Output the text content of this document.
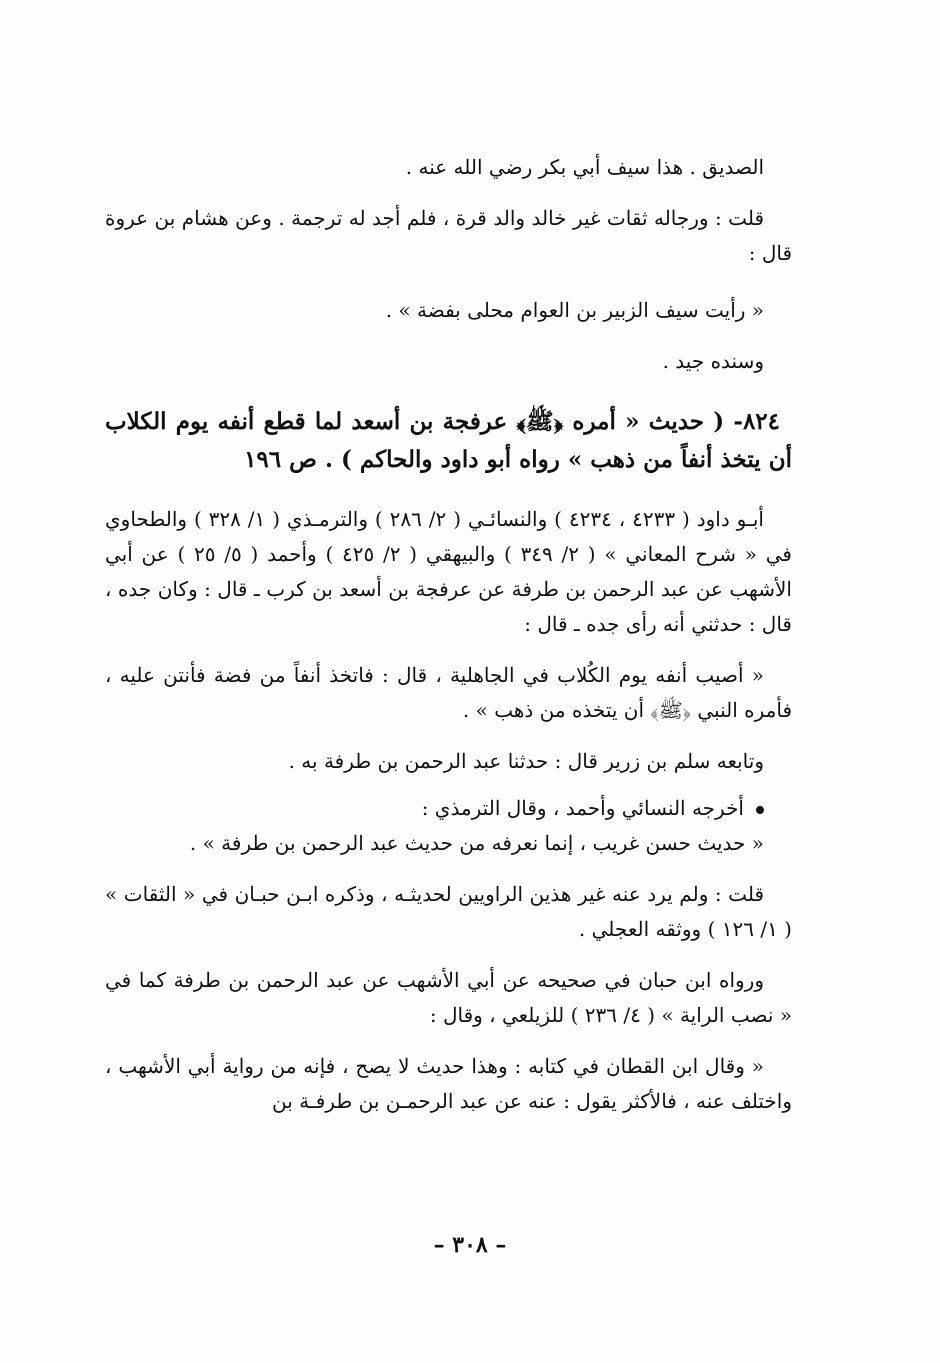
الصديق . هذا سيف أبي بكر رضي الله عنه .

قلت : ورجاله ثقات غير خالد والد قرة ، فلم أجد له ترجمة . وعن هشام بن عروة قال :

« رأيت سيف الزبير بن العوام محلى بفضة » .

وسنده جيد .

٨٢٤- ( حديث « أمره ﴿ﷺ﴾ عرفجة بن أسعد لما قطع أنفه يوم الكلاب أن يتخذ أنفاً من ذهب » رواه أبو داود والحاكم ) . ص ١٩٦

أبـو داود ( ٤٢٣٣ ، ٤٢٣٤ ) والنسائـي ( ٢/ ٢٨٦ ) والترمـذي ( ١/ ٣٢٨ ) والطحاوي في « شرح المعاني » ( ٢/ ٣٤٩ ) والبيهقي ( ٢/ ٤٢٥ ) وأحمد ( ٥/ ٢٥ ) عن أبي الأشهب عن عبد الرحمن بن طرفة عن عرفجة بن أسعد بن كرب ـ قال : وكان جده ، قال : حدثني أنه رأى جده ـ قال :

« أصيب أنفه يوم الكُلاب في الجاهلية ، قال : فاتخذ أنفاً من فضة فأنتن عليه ، فأمره النبي ﴿ﷺ﴾ أن يتخذه من ذهب » .

وتابعه سلم بن زرير قال : حدثنا عبد الرحمن بن طرفة به .

أخرجه النسائي وأحمد ، وقال الترمذي :

« حديث حسن غريب ، إنما نعرفه من حديث عبد الرحمن بن طرفة » .

قلت : ولم يرد عنه غير هذين الراويين لحديثـه ، وذكره ابـن حبـان في « الثقات » ( ١/ ١٢٦ ) ووثقه العجلي .

ورواه ابن حبان في صحيحه عن أبي الأشهب عن عبد الرحمن بن طرفة كما في « نصب الراية » ( ٤/ ٢٣٦ ) للزيلعي ، وقال :

« وقال ابن القطان في كتابه : وهذا حديث لا يصح ، فإنه من رواية أبي الأشهب ، واختلف عنه ، فالأكثر يقول : عنه عن عبد الرحمـن بن طرفـة بن

– ٣٠٨ –
